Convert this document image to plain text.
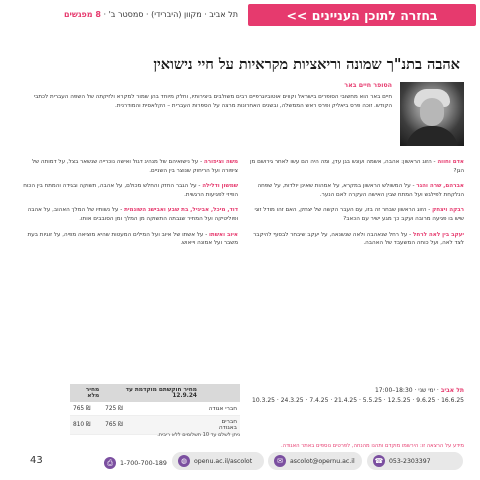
בחזרה לתוכן העניינים >>
תל אביב · מקוון (היברידי) · סמסטר ב' · 8 מפגשים
אהבה בתנ"ך שמונה וריאציות מקראיות על חיי נישואין
הסופר חיים באר
חיים באר הוא מחשובי הסופרים בישראל וקווים אוטוביוגרפיים רבים משולבים ביצירותיו, וחלק מיוחד בהן שמור למקרא ולזיקתה של השפה העברית לכתבי הקודש. זוכה פרס ביאליק ופרס ראש הממשלה, ובשנים האחרונות מרצה על הספרות העברית – הקלאסית והמודרנית.
אדם וחווה - הזוג הראשון: אהבה, אשמה ועונש בגן עדן, ומה היה הם עשו לאחר גירושם מן הגן?
אברהם, שרה והגר - על המשולש הראשון במקרא, על אמהות שאינן יולדות, על שפחה הנלקחת לפילגש ועל המתח שבין האישה העקרה לאם הנער.
רבקה ויצחק - הזוג הראשון שבחר זה בזו, עם העבר הקשה של יצחק, האם זהו מודל זוגי שיש בו פגיעה מרובה ועקב כך מגע ישיר עם הכאב?
יעקב בין לאה לרחל - על רחל שנאהבה ולאה שנשנאה, על יעקב שיבחר לבסוף להיקבר לצד לאה, ועל כוחה המשעבד של האהבה.
משה וציפורה - על נישואיהם של מנהיג דגול ואישה נוכרייה שנשאר בצל, על דמותה של ציפורה ועל הריחוק שנוצר בין השניים.
שמשון ודלילה - על הגבר החזק והחלש מכולם, על אהבה, תשוקה ובגידה והמתח בין הכוח הפיזי לפגיעות הרגשית.
דוד, מיכל, אביגיל, בת שבע ואבישג השונמית - על נשותיו של המלך האהוב, על אהבה ופוליטיקה ועל המחיר שגבתה התשוקה מן המלך ומן הסובבים אותו.
איוב ואשתו - על אשתו של איוב ועל המילים המעטות שהיא מוציאה מפיה, על זוגיות בעת משבר ועל אמונה וייאוש.
תל אביב · ימי שני · 18:30–17:00
16.6.25 · 9.6.25 · 12.5.25 · 5.5.25 · 21.4.25 · 7.4.25 · 24.3.25 · 10.3.25
	מחיר חוקשתם מוקדמת עד 12.9.24	מחיר מלא
חברי אגודה	725 ₪	765 ₪
חברים באגודה	765 ₪	810 ₪
ניתן לשלם עד 10 תשלומים ללא ריבית.
מידע על הרצאה זו: הירשמו מוקדם ותהנו מהנחה, לפרטים נוספים באתר האגודה.
☎ 053-2303397
✉	ascolot@opernu.ac.il
◍	openu.ac.il/ascolot
⎙	1-700-700-189
43
